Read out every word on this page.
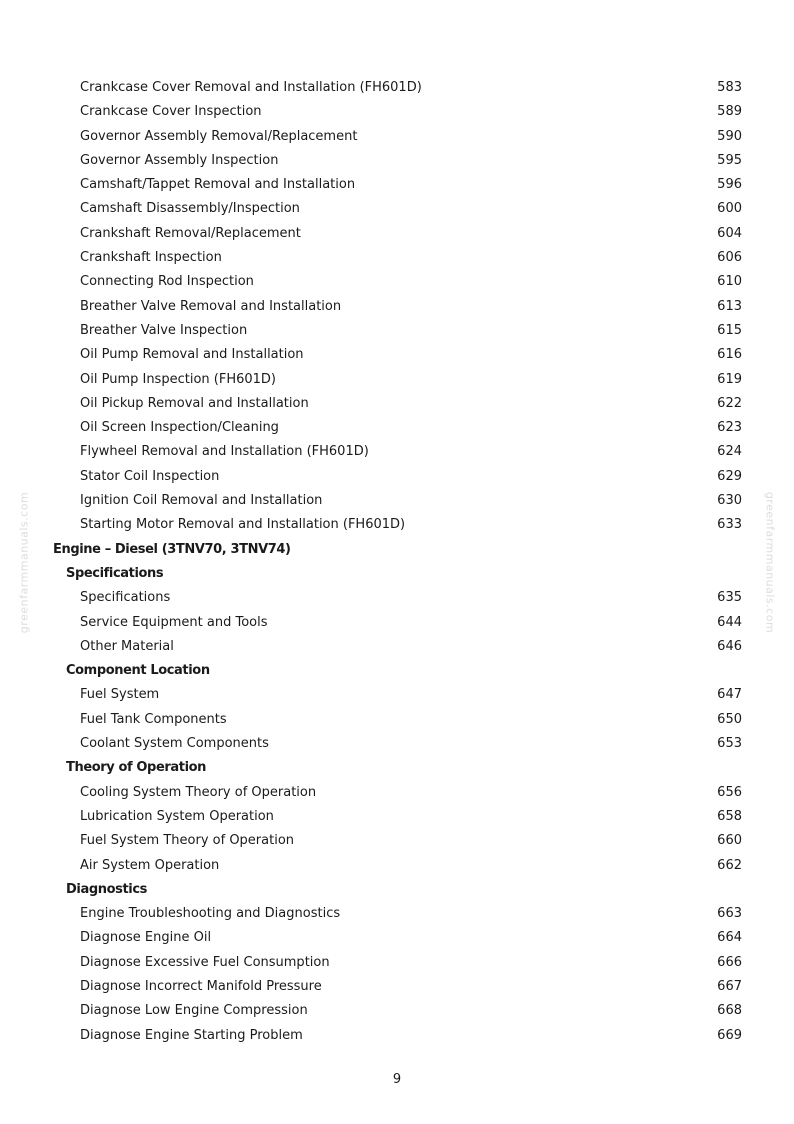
Crankcase Cover Removal and Installation (FH601D)	583
Crankcase Cover Inspection	589
Governor Assembly Removal/Replacement	590
Governor Assembly Inspection	595
Camshaft/Tappet Removal and Installation	596
Camshaft Disassembly/Inspection	600
Crankshaft Removal/Replacement	604
Crankshaft Inspection	606
Connecting Rod Inspection	610
Breather Valve Removal and Installation	613
Breather Valve Inspection	615
Oil Pump Removal and Installation	616
Oil Pump Inspection (FH601D)	619
Oil Pickup Removal and Installation	622
Oil Screen Inspection/Cleaning	623
Flywheel Removal and Installation (FH601D)	624
Stator Coil Inspection	629
Ignition Coil Removal and Installation	630
Starting Motor Removal and Installation (FH601D)	633
Engine – Diesel (3TNV70, 3TNV74)
Specifications
Specifications	635
Service Equipment and Tools	644
Other Material	646
Component Location
Fuel System	647
Fuel Tank Components	650
Coolant System Components	653
Theory of Operation
Cooling System Theory of Operation	656
Lubrication System Operation	658
Fuel System Theory of Operation	660
Air System Operation	662
Diagnostics
Engine Troubleshooting and Diagnostics	663
Diagnose Engine Oil	664
Diagnose Excessive Fuel Consumption	666
Diagnose Incorrect Manifold Pressure	667
Diagnose Low Engine Compression	668
Diagnose Engine Starting Problem	669
greenfarmmanuals.com	greenfarmmanuals.com
9
